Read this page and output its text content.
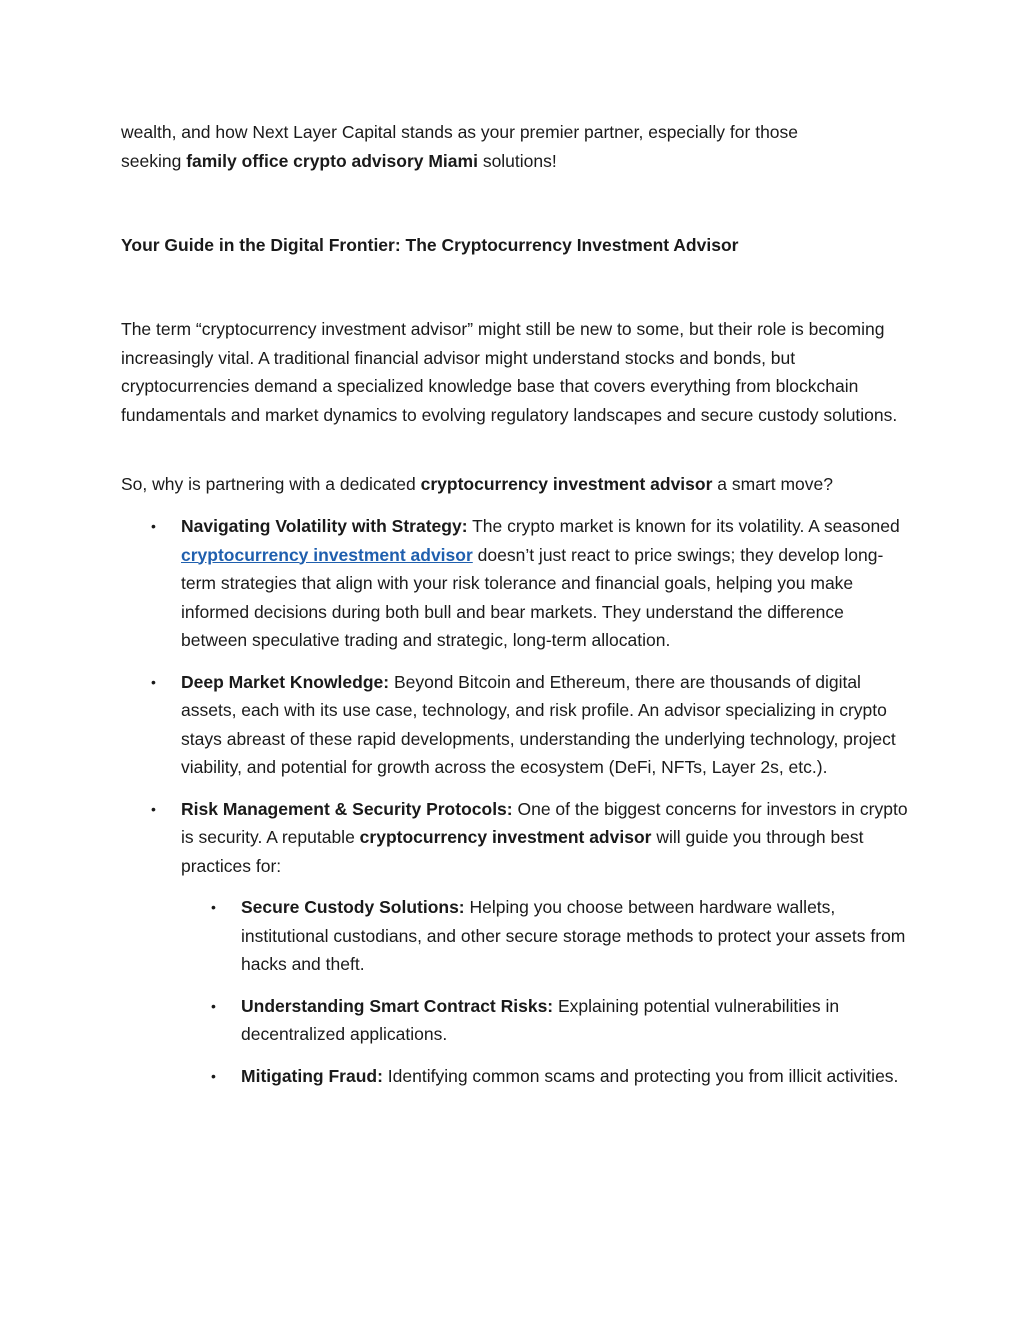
wealth, and how Next Layer Capital stands as your premier partner, especially for those
seeking family office crypto advisory Miami solutions!

Your Guide in the Digital Frontier: The Cryptocurrency Investment Advisor

The term “cryptocurrency investment advisor” might still be new to some, but their role is becoming increasingly vital. A traditional financial advisor might understand stocks and bonds, but cryptocurrencies demand a specialized knowledge base that covers everything from blockchain fundamentals and market dynamics to evolving regulatory landscapes and secure custody solutions.

So, why is partnering with a dedicated cryptocurrency investment advisor a smart move?

• Navigating Volatility with Strategy: The crypto market is known for its volatility. A seasoned cryptocurrency investment advisor doesn’t just react to price swings; they develop long-term strategies that align with your risk tolerance and financial goals, helping you make informed decisions during both bull and bear markets. They understand the difference between speculative trading and strategic, long-term allocation.
• Deep Market Knowledge: Beyond Bitcoin and Ethereum, there are thousands of digital assets, each with its use case, technology, and risk profile. An advisor specializing in crypto stays abreast of these rapid developments, understanding the underlying technology, project viability, and potential for growth across the ecosystem (DeFi, NFTs, Layer 2s, etc.).
• Risk Management & Security Protocols: One of the biggest concerns for investors in crypto is security. A reputable cryptocurrency investment advisor will guide you through best practices for:
• Secure Custody Solutions: Helping you choose between hardware wallets, institutional custodians, and other secure storage methods to protect your assets from hacks and theft.
• Understanding Smart Contract Risks: Explaining potential vulnerabilities in decentralized applications.
• Mitigating Fraud: Identifying common scams and protecting you from illicit activities.
